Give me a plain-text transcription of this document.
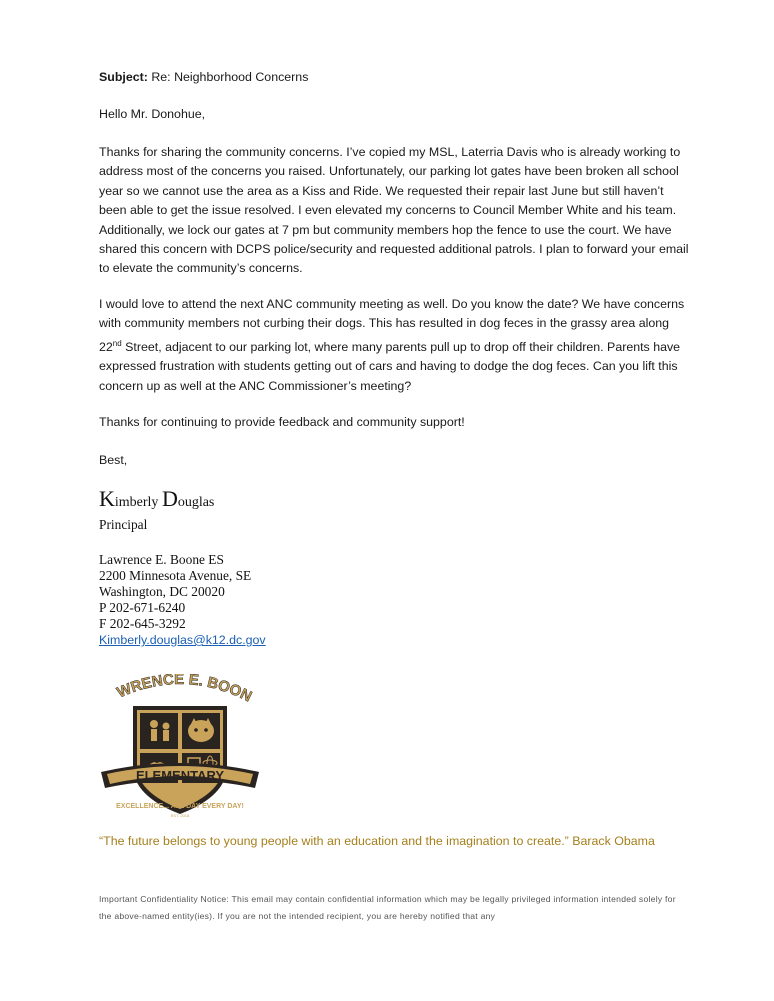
Subject: Re: Neighborhood Concerns
Hello Mr. Donohue,
Thanks for sharing the community concerns. I’ve copied my MSL, Laterria Davis who is already working to address most of the concerns you raised. Unfortunately, our parking lot gates have been broken all school year so we cannot use the area as a Kiss and Ride. We requested their repair last June but still haven’t been able to get the issue resolved. I even elevated my concerns to Council Member White and his team. Additionally, we lock our gates at 7 pm but community members hop the fence to use the court. We have shared this concern with DCPS police/security and requested additional patrols. I plan to forward your email to elevate the community’s concerns.
I would love to attend the next ANC community meeting as well. Do you know the date? We have concerns with community members not curbing their dogs. This has resulted in dog feces in the grassy area along 22nd Street, adjacent to our parking lot, where many parents pull up to drop off their children. Parents have expressed frustration with students getting out of cars and having to dodge the dog feces. Can you lift this concern up as well at the ANC Commissioner’s meeting?
Thanks for continuing to provide feedback and community support!
Best,
Kimberly Douglas
Principal
Lawrence E. Boone ES
2200 Minnesota Avenue, SE
Washington, DC 20020
P 202-671-6240
F 202-645-3292
Kimberly.douglas@k12.dc.gov
WRENCE E. BOON
ELEMENTARY
EXCELLENCE... ALL DAY EVERY DAY!
EST. 2018
“The future belongs to young people with an education and the imagination to create.” Barack Obama
Important Confidentiality Notice: This email may contain confidential information which may be legally privileged information intended solely for the above-named entity(ies). If you are not the intended recipient, you are hereby notified that any
